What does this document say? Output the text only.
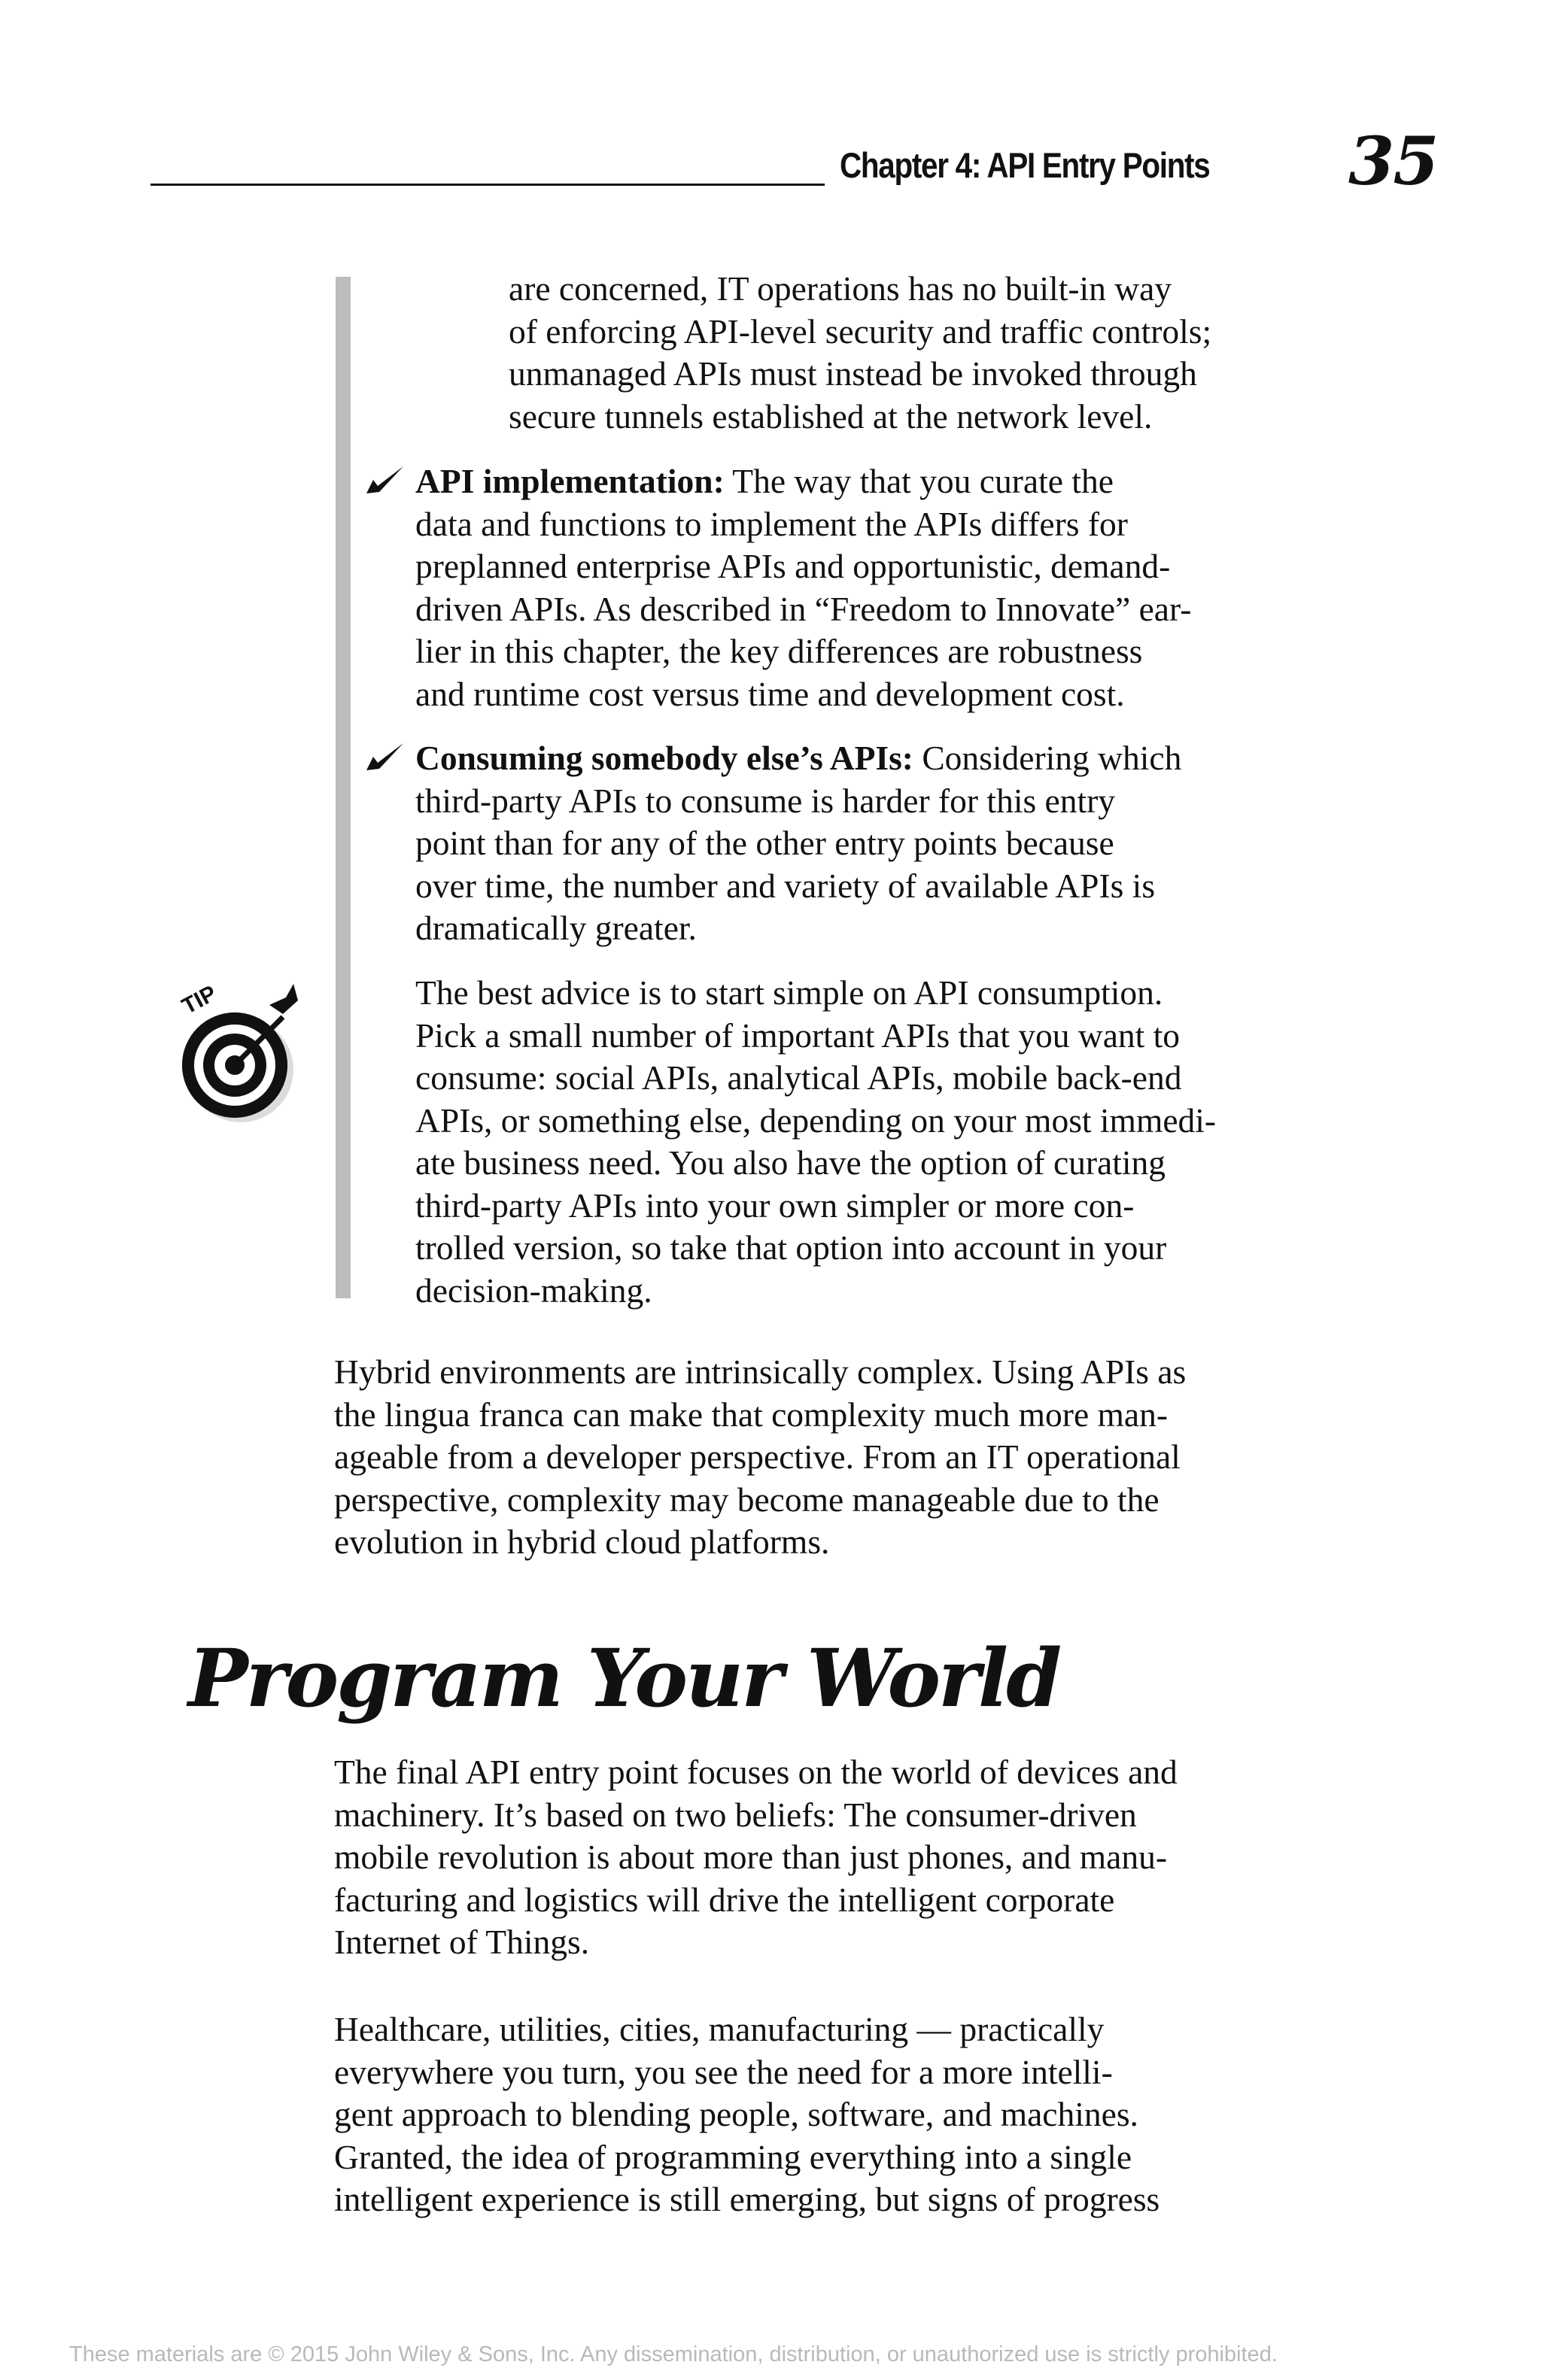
Chapter 4: API Entry Points 35
are concerned, IT operations has no built-in way
of enforcing API-level security and traffic controls;
unmanaged APIs must instead be invoked through
secure tunnels established at the network level.
API implementation: The way that you curate the
data and functions to implement the APIs differs for
preplanned enterprise APIs and opportunistic, demand-
driven APIs. As described in “Freedom to Innovate” ear-
lier in this chapter, the key differences are robustness
and runtime cost versus time and development cost.
Consuming somebody else’s APIs: Considering which
third-party APIs to consume is harder for this entry
point than for any of the other entry points because
over time, the number and variety of available APIs is
dramatically greater.
TIP	The best advice is to start simple on API consumption.
Pick a small number of important APIs that you want to
consume: social APIs, analytical APIs, mobile back-end
APIs, or something else, depending on your most immedi-
ate business need. You also have the option of curating
third-party APIs into your own simpler or more con-
trolled version, so take that option into account in your
decision-making.
Hybrid environments are intrinsically complex. Using APIs as
the lingua franca can make that complexity much more man-
ageable from a developer perspective. From an IT operational
perspective, complexity may become manageable due to the
evolution in hybrid cloud platforms.
Program Your World
The final API entry point focuses on the world of devices and
machinery. It’s based on two beliefs: The consumer-driven
mobile revolution is about more than just phones, and manu-
facturing and logistics will drive the intelligent corporate
Internet of Things.
Healthcare, utilities, cities, manufacturing — practically
everywhere you turn, you see the need for a more intelli-
gent approach to blending people, software, and machines.
Granted, the idea of programming everything into a single
intelligent experience is still emerging, but signs of progress
These materials are © 2015 John Wiley & Sons, Inc. Any dissemination, distribution, or unauthorized use is strictly prohibited.
